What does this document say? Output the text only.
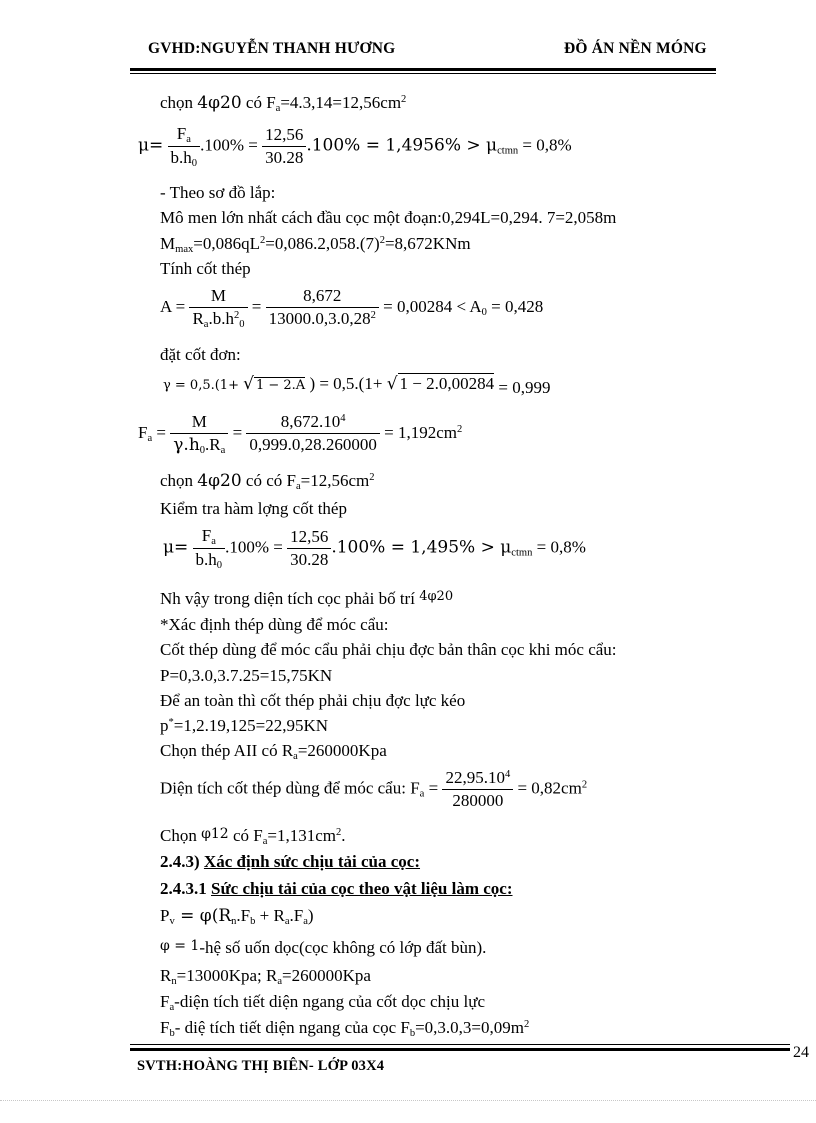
GVHD:NGUYỄN THANH HƯƠNG	ĐỒ ÁN NỀN MÓNG
chọn 4φ20 có $Fa=4.3,14=12,56cm^2$
$\mu= \frac{Fa}{b.h0} .100\% = \frac{12,56}{30.28} .100\% = 1,4956\%$ > μctmn = 0,8%
- Theo sơ đồ lắp:
Mô men lớn nhất cách đầu cọc một đoạn:0,294L=0,294. 7=2,058m
$Mmax=0,086qL^2=0,086.2,058.(7)^2=8,672KNm$
Tính cốt thép
$A = \frac{M}{Ra.b.h^20} = \frac{8,672}{13000.0,3.0,28^2} = 0,00284 < A0 = 0,428$
đặt cốt đơn:
γ = 0,5.(1+ √ 1 − 2.A ) = 0,5.(1+ √ 1 − 2.0,00284 = 0,999
$Fa = \frac{M}{\gamma.h0.Ra} = \frac{8,672.10^4}{0,999.0,28.260000} = 1,192cm^2$
chọn 4φ20 có có $Fa=12,56cm^2$
Kiểm tra hàm lợng cốt thép
$\mu= \frac{Fa}{b.h0} .100\% = \frac{12,56}{30.28} .100\% = 1,495\%$ > μctmn = 0,8%
Nh vậy trong diện tích cọc phải bố trí $^{4\varphi 20}$
*Xác định thép dùng để móc cẩu:
Cốt thép dùng để móc cẩu phải chịu đợc bản thân cọc khi móc cẩu:
P=0,3.0,3.7.25=15,75KN
Để an toàn thì cốt thép phải chịu đợc lực kéo
p*=1,2.19,125=22,95KN
Chọn thép AII có Ra=260000Kpa
Diện tích cốt thép dùng để móc cẩu: $Fa = \frac{22,95.10^4}{280000} = 0,82cm^2$
Chọn φ12 có $Fa=1,131cm^2$.
2.4.3) Xác định sức chịu tải của cọc:
2.4.3.1 Sức chịu tải của cọc theo vật liệu làm cọc:
Pv = φ(Rn.Fb + Ra.Fa)
φ = 1-hệ số uốn dọc(cọc không có lớp đất bùn).
Rn=13000Kpa; Ra=260000Kpa
Fa-diện tích tiết diện ngang của cốt dọc chịu lực
Fb- diệ tích tiết diện ngang của cọc $Fb=0,3.0,3=0,09m^2$
SVTH:HOÀNG THỊ BIÊN- LỚP 03X4
24
